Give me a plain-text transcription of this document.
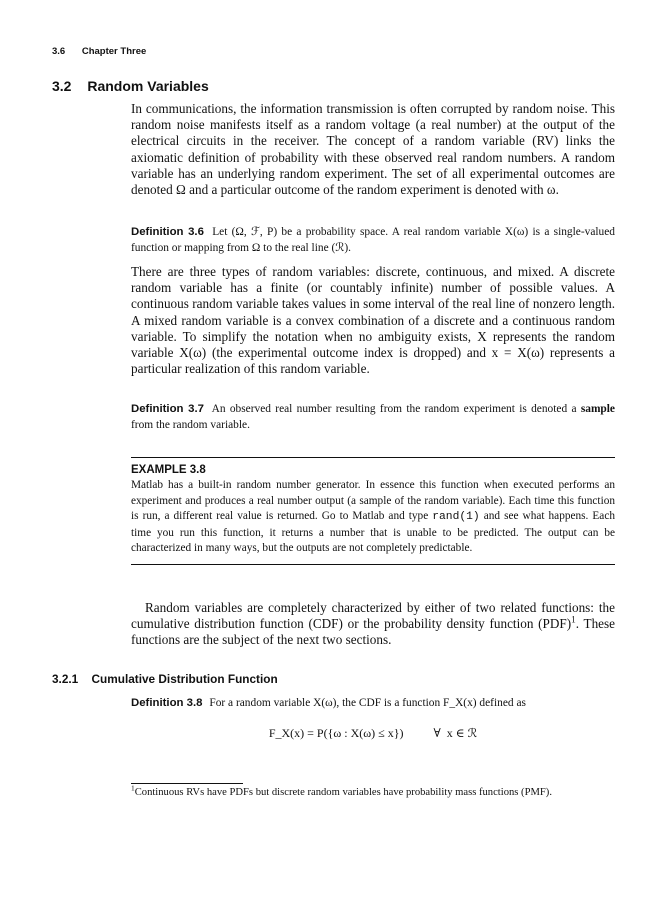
3.6 Chapter Three
3.2 Random Variables

In communications, the information transmission is often corrupted by random noise. This random noise manifests itself as a random voltage (a real number) at the output of the electrical circuits in the receiver. The concept of a random variable (RV) links the axiomatic definition of probability with these observed real random numbers. A random variable has an underlying random experiment. The set of all experimental outcomes are denoted Ω and a particular outcome of the random experiment is denoted with ω.

Definition 3.6 Let (Ω, ℱ, P) be a probability space. A real random variable X(ω) is a single-valued function or mapping from Ω to the real line (ℛ).

There are three types of random variables: discrete, continuous, and mixed. A discrete random variable has a finite (or countably infinite) number of possible values. A continuous random variable takes values in some interval of the real line of nonzero length. A mixed random variable is a convex combination of a discrete and a continuous random variable. To simplify the notation when no ambiguity exists, X represents the random variable X(ω) (the experimental outcome index is dropped) and x = X(ω) represents a particular realization of this random variable.

Definition 3.7 An observed real number resulting from the random experiment is denoted a sample from the random variable.
EXAMPLE 3.8
Matlab has a built-in random number generator. In essence this function when executed performs an experiment and produces a real number output (a sample of the random variable). Each time this function is run, a different real value is returned. Go to Matlab and type rand(1) and see what happens. Each time you run this function, it returns a number that is unable to be predicted. The output can be characterized in many ways, but the outputs are not completely predictable.

Random variables are completely characterized by either of two related functions: the cumulative distribution function (CDF) or the probability density function (PDF)$^1$. These functions are the subject of the next two sections.

3.2.1 Cumulative Distribution Function
Definition 3.8 For a random variable X(ω), the CDF is a function F_X(x) defined as
F_X(x) = P({ω : X(ω) ≤ x})	∀  x ∈ ℛ
$^1$Continuous RVs have PDFs but discrete random variables have probability mass functions (PMF).
